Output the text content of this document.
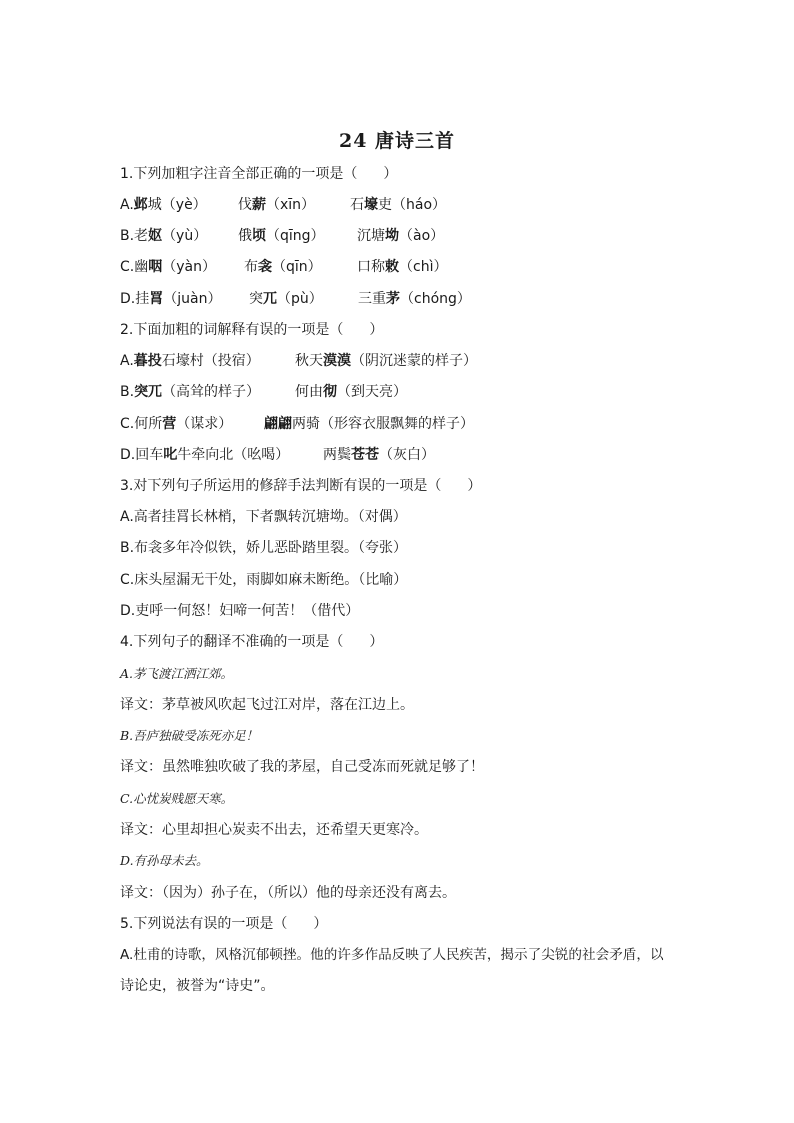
24 唐诗三首
1.下列加粗字注音全部正确的一项是（ ）
A.邺城（yè） 伐薪（xīn） 石壕吏（háo）
B.老妪（yù） 俄顷（qīng） 沉塘坳（ào）
C.幽咽（yàn） 布衾（qīn）	口称敕（chì）
D.挂罥（juàn） 突兀（pù）	三重茅（chóng）
2.下面加粗的词解释有误的一项是（ ）
A.暮投石壕村（投宿）	秋天漠漠（阴沉迷蒙的样子）
B.突兀（高耸的样子） 何由彻（到天亮）
C.何所营（谋求） 翩翩两骑（形容衣服飘舞的样子）
D.回车叱牛牵向北（吆喝） 两鬓苍苍（灰白）
3.对下列句子所运用的修辞手法判断有误的一项是（ ）
A.高者挂罥长林梢，下者飘转沉塘坳。（对偶）
B.布衾多年冷似铁，娇儿恶卧踏里裂。（夸张）
C.床头屋漏无干处，雨脚如麻未断绝。（比喻）
D.吏呼一何怒！妇啼一何苦！（借代）
4.下列句子的翻译不准确的一项是（ ）
A.茅飞渡江洒江郊。
译文：茅草被风吹起飞过江对岸，落在江边上。
B.吾庐独破受冻死亦足！
译文：虽然唯独吹破了我的茅屋，自己受冻而死就足够了！
C.心忧炭贱愿天寒。
译文：心里却担心炭卖不出去，还希望天更寒冷。
D.有孙母未去。
译文：（因为）孙子在，（所以）他的母亲还没有离去。
5.下列说法有误的一项是（ ）
A.杜甫的诗歌，风格沉郁顿挫。他的许多作品反映了人民疾苦，揭示了尖锐的社会矛盾，以
诗论史，被誉为“诗史”。
